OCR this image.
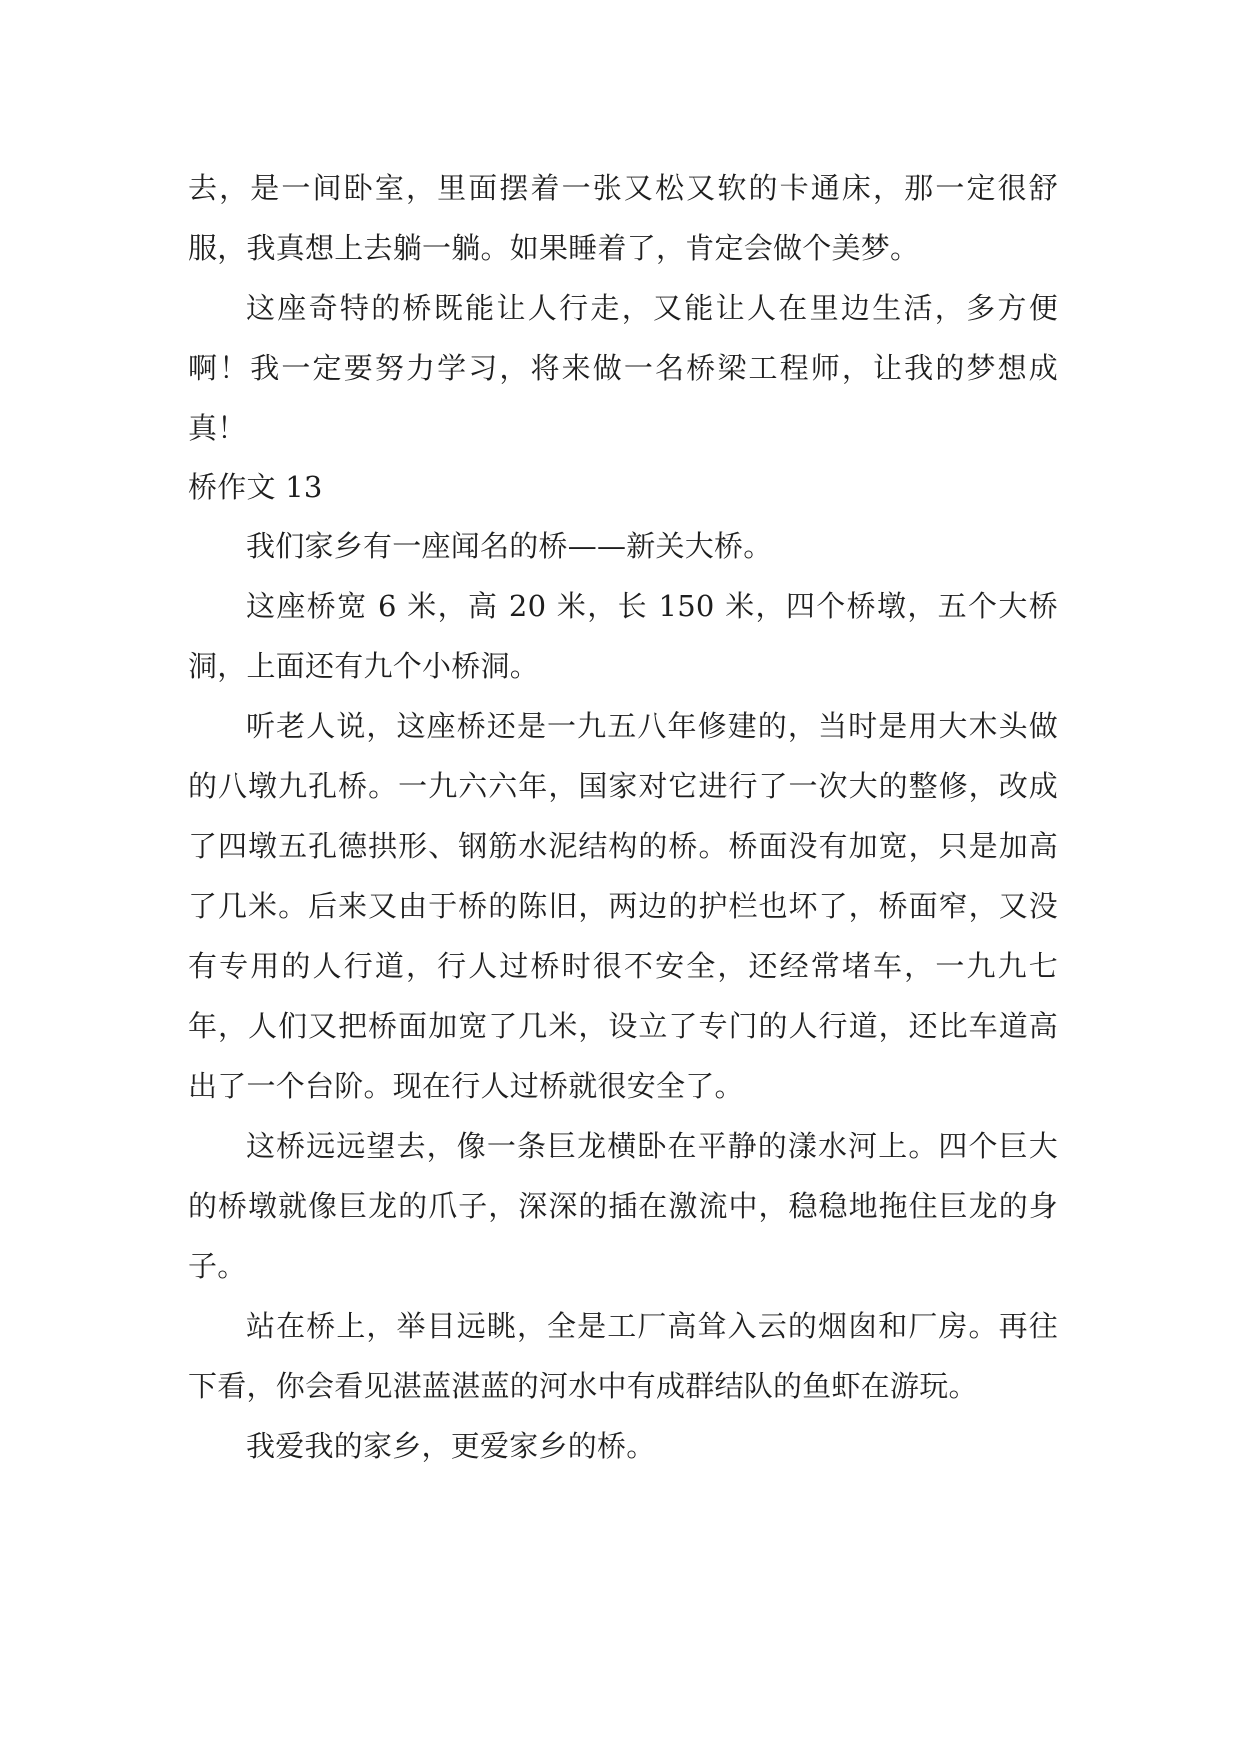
去，是一间卧室，里面摆着一张又松又软的卡通床，那一定很舒服，我真想上去躺一躺。如果睡着了，肯定会做个美梦。

这座奇特的桥既能让人行走，又能让人在里边生活，多方便啊！我一定要努力学习，将来做一名桥梁工程师，让我的梦想成真！

桥作文 13

我们家乡有一座闻名的桥——新关大桥。

这座桥宽 6 米，高 20 米，长 150 米，四个桥墩，五个大桥洞，上面还有九个小桥洞。

听老人说，这座桥还是一九五八年修建的，当时是用大木头做的八墩九孔桥。一九六六年，国家对它进行了一次大的整修，改成了四墩五孔德拱形、钢筋水泥结构的桥。桥面没有加宽，只是加高了几米。后来又由于桥的陈旧，两边的护栏也坏了，桥面窄，又没有专用的人行道，行人过桥时很不安全，还经常堵车，一九九七年，人们又把桥面加宽了几米，设立了专门的人行道，还比车道高出了一个台阶。现在行人过桥就很安全了。

这桥远远望去，像一条巨龙横卧在平静的漾水河上。四个巨大的桥墩就像巨龙的爪子，深深的插在激流中，稳稳地拖住巨龙的身子。

站在桥上，举目远眺，全是工厂高耸入云的烟囱和厂房。再往下看，你会看见湛蓝湛蓝的河水中有成群结队的鱼虾在游玩。

我爱我的家乡，更爱家乡的桥。
